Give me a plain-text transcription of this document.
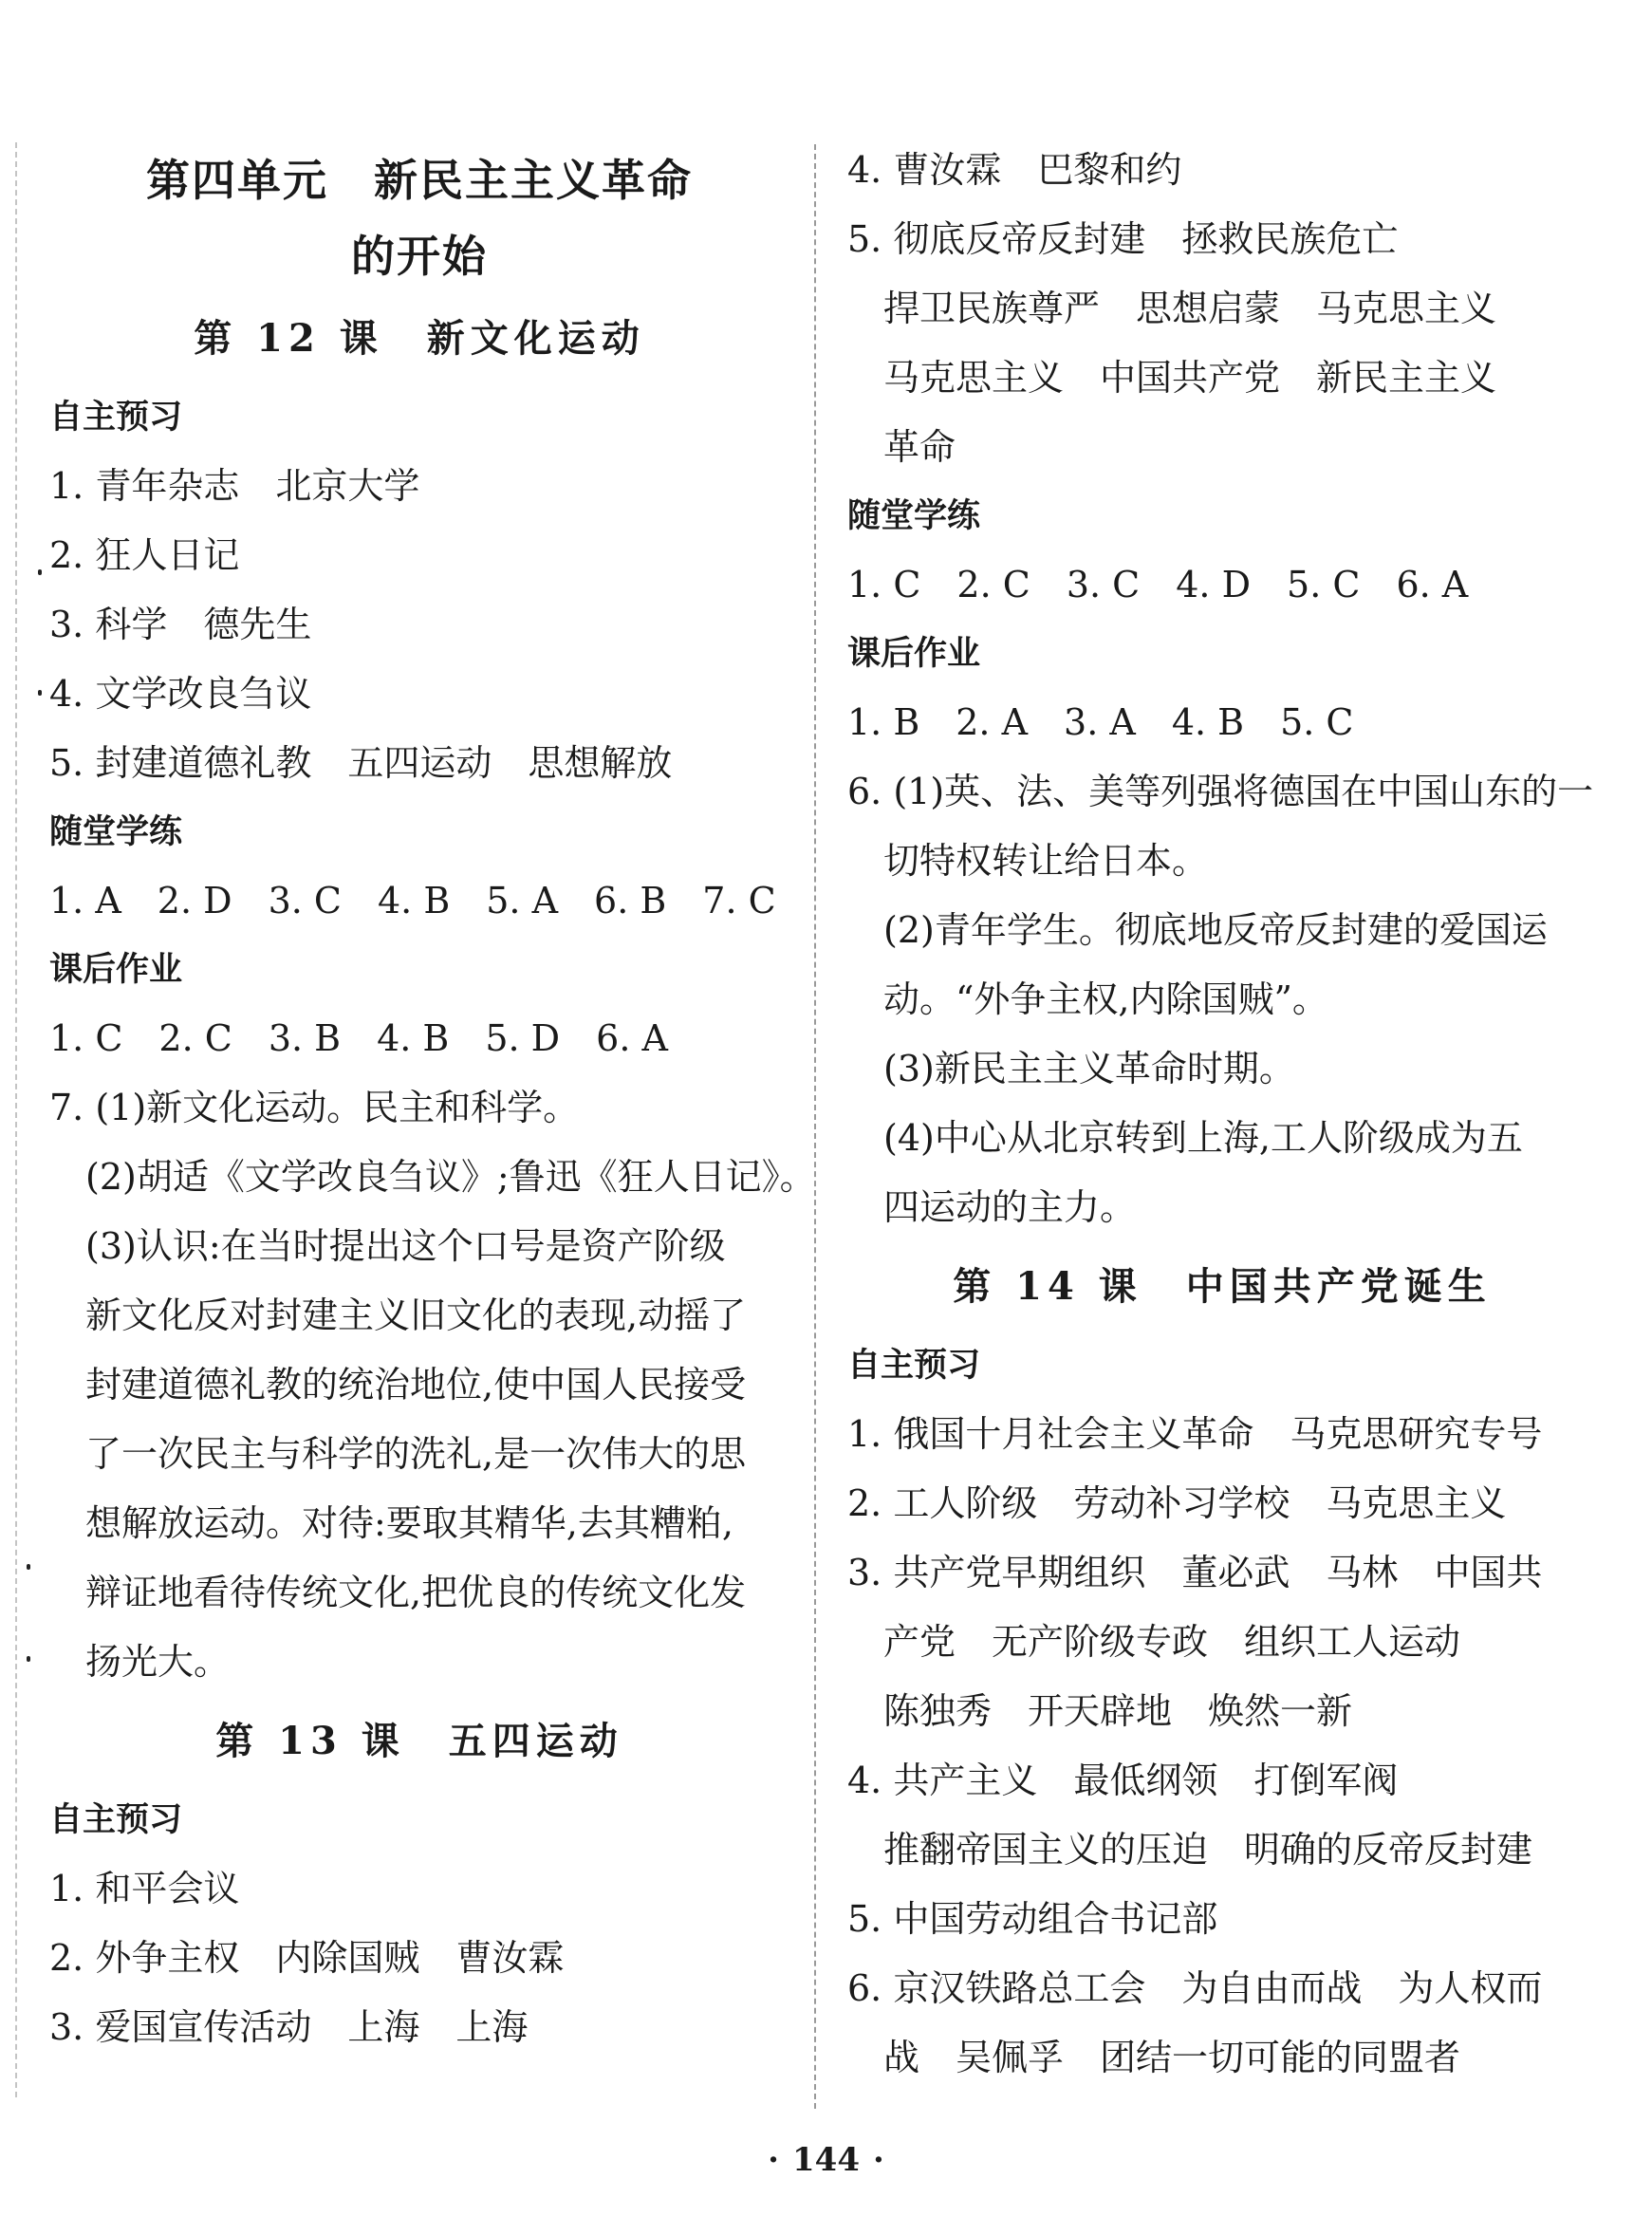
第四单元　新民主主义革命
的开始
第 12 课　新文化运动
自主预习
1. 青年杂志　北京大学
2. 狂人日记
3. 科学　德先生
4. 文学改良刍议
5. 封建道德礼教　五四运动　思想解放
随堂学练
1. A　2. D　3. C　4. B　5. A　6. B　7. C
课后作业
1. C　2. C　3. B　4. B　5. D　6. A
7. (1)新文化运动。民主和科学。
(2)胡适《文学改良刍议》;鲁迅《狂人日记》。
(3)认识:在当时提出这个口号是资产阶级
新文化反对封建主义旧文化的表现,动摇了
封建道德礼教的统治地位,使中国人民接受
了一次民主与科学的洗礼,是一次伟大的思
想解放运动。对待:要取其精华,去其糟粕,
辩证地看待传统文化,把优良的传统文化发
扬光大。
第 13 课　五四运动
自主预习
1. 和平会议
2. 外争主权　内除国贼　曹汝霖
3. 爱国宣传活动　上海　上海
4. 曹汝霖　巴黎和约
5. 彻底反帝反封建　拯救民族危亡
捍卫民族尊严　思想启蒙　马克思主义
马克思主义　中国共产党　新民主主义
革命
随堂学练
1. C　2. C　3. C　4. D　5. C　6. A
课后作业
1. B　2. A　3. A　4. B　5. C
6. (1)英、法、美等列强将德国在中国山东的一
切特权转让给日本。
(2)青年学生。彻底地反帝反封建的爱国运
动。“外争主权,内除国贼”。
(3)新民主主义革命时期。
(4)中心从北京转到上海,工人阶级成为五
四运动的主力。
第 14 课　中国共产党诞生
自主预习
1. 俄国十月社会主义革命　马克思研究专号
2. 工人阶级　劳动补习学校　马克思主义
3. 共产党早期组织　董必武　马林　中国共
产党　无产阶级专政　组织工人运动
陈独秀　开天辟地　焕然一新
4. 共产主义　最低纲领　打倒军阀
推翻帝国主义的压迫　明确的反帝反封建
5. 中国劳动组合书记部
6. 京汉铁路总工会　为自由而战　为人权而
战　吴佩孚　团结一切可能的同盟者
· 144 ·
